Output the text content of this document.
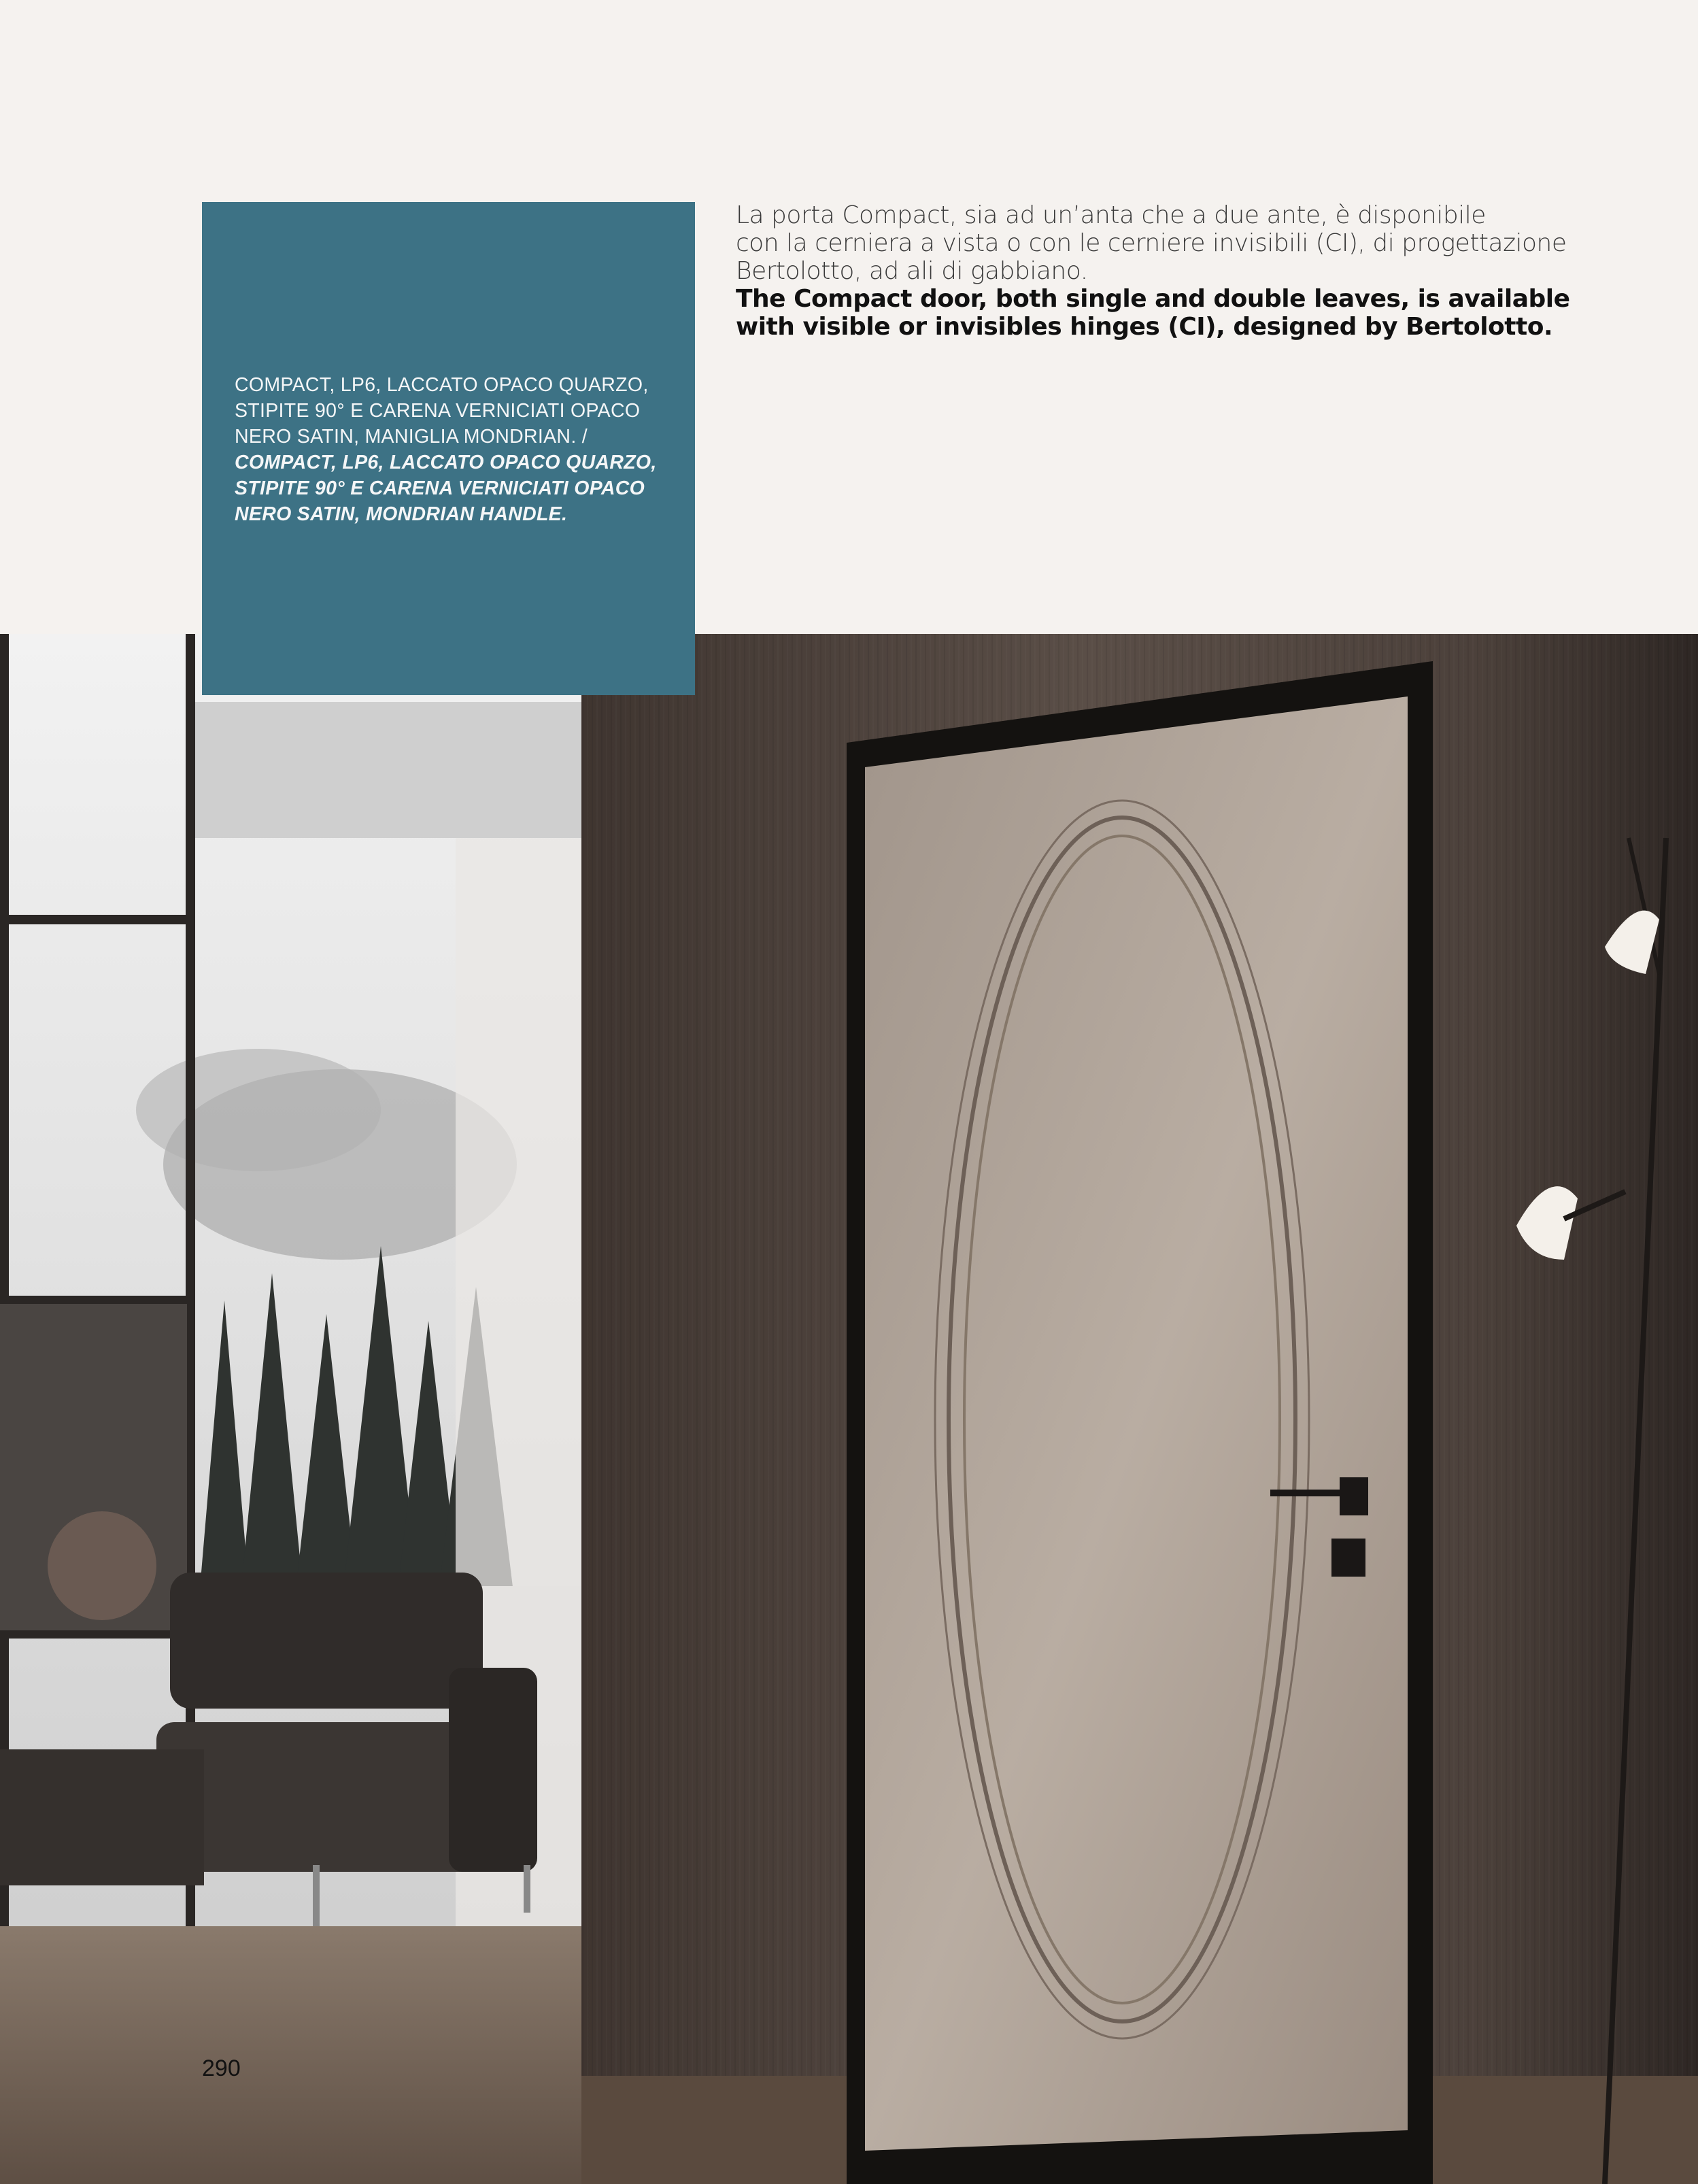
La porta Compact, sia ad un’anta che a due ante, è disponibile
con la cerniera a vista o con le cerniere invisibili (CI), di progettazione
Bertolotto, ad ali di gabbiano.
The Compact door, both single and double leaves, is available
with visible or invisibles hinges (CI), designed by Bertolotto.
COMPACT, LP6, LACCATO OPACO QUARZO,
STIPITE 90° E CARENA VERNICIATI OPACO
NERO SATIN, MANIGLIA MONDRIAN. /
COMPACT, LP6, LACCATO OPACO QUARZO,
STIPITE 90° E CARENA VERNICIATI OPACO
NERO SATIN, MONDRIAN HANDLE.
290
